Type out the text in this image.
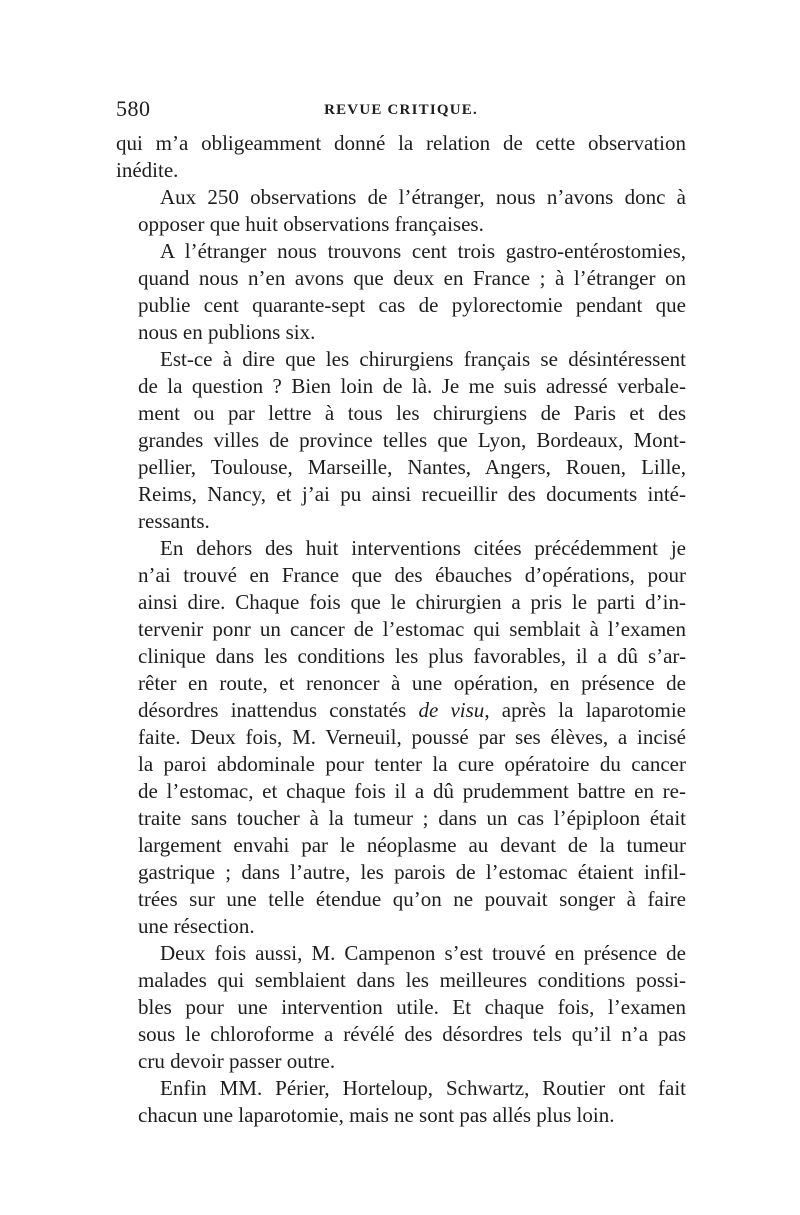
580	REVUE CRITIQUE.
qui m’a obligeamment donné la relation de cette observation
inédite.
Aux 250 observations de l’étranger, nous n’avons donc à
opposer que huit observations françaises.
A l’étranger nous trouvons cent trois gastro-entérostomies,
quand nous n’en avons que deux en France ; à l’étranger on
publie cent quarante-sept cas de pylorectomie pendant que
nous en publions six.
Est-ce à dire que les chirurgiens français se désintéressent
de la question ? Bien loin de là. Je me suis adressé verbale-
ment ou par lettre à tous les chirurgiens de Paris et des
grandes villes de province telles que Lyon, Bordeaux, Mont-
pellier, Toulouse, Marseille, Nantes, Angers, Rouen, Lille,
Reims, Nancy, et j’ai pu ainsi recueillir des documents inté-
ressants.
En dehors des huit interventions citées précédemment je
n’ai trouvé en France que des ébauches d’opérations, pour
ainsi dire. Chaque fois que le chirurgien a pris le parti d’in-
tervenir ponr un cancer de l’estomac qui semblait à l’examen
clinique dans les conditions les plus favorables, il a dû s’ar-
rêter en route, et renoncer à une opération, en présence de
désordres inattendus constatés de visu, après la laparotomie
faite. Deux fois, M. Verneuil, poussé par ses élèves, a incisé
la paroi abdominale pour tenter la cure opératoire du cancer
de l’estomac, et chaque fois il a dû prudemment battre en re-
traite sans toucher à la tumeur ; dans un cas l’épiploon était
largement envahi par le néoplasme au devant de la tumeur
gastrique ; dans l’autre, les parois de l’estomac étaient infil-
trées sur une telle étendue qu’on ne pouvait songer à faire
une résection.
Deux fois aussi, M. Campenon s’est trouvé en présence de
malades qui semblaient dans les meilleures conditions possi-
bles pour une intervention utile. Et chaque fois, l’examen
sous le chloroforme a révélé des désordres tels qu’il n’a pas
cru devoir passer outre.
Enfin MM. Périer, Horteloup, Schwartz, Routier ont fait
chacun une laparotomie, mais ne sont pas allés plus loin.
